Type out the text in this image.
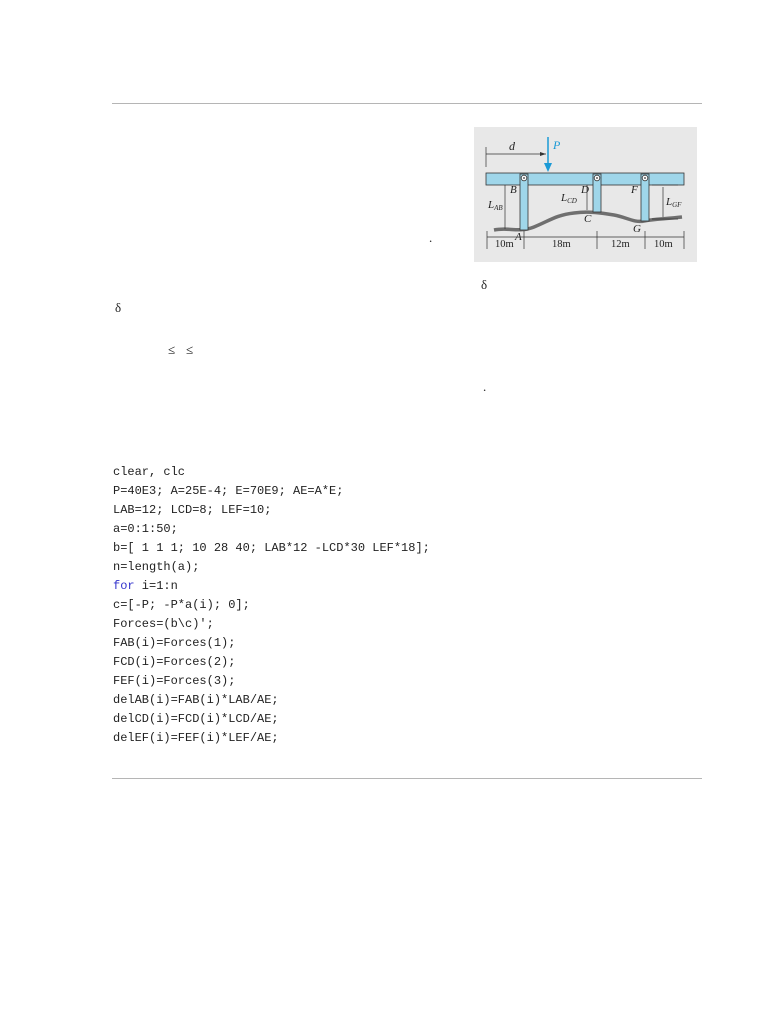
P
d
B	D	F
C
G
A
LAB
LCD	LGF
10m	18m	12m 10m
.
δ
δ
≤ ≤
.
clear, clc
P=40E3; A=25E-4; E=70E9; AE=A*E;
LAB=12; LCD=8; LEF=10;
a=0:1:50;
b=[ 1 1 1; 10 28 40; LAB*12 -LCD*30 LEF*18];
n=length(a);
for i=1:n
c=[-P; -P*a(i); 0];
Forces=(b\c)';
FAB(i)=Forces(1);
FCD(i)=Forces(2);
FEF(i)=Forces(3);
delAB(i)=FAB(i)*LAB/AE;
delCD(i)=FCD(i)*LCD/AE;
delEF(i)=FEF(i)*LEF/AE;
